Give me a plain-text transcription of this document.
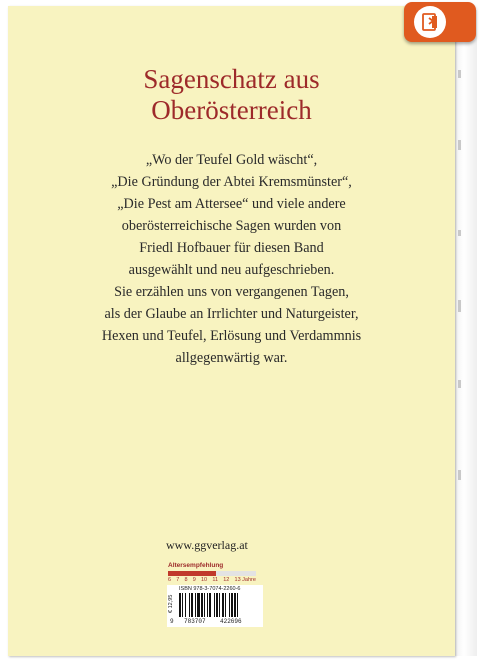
Sagenschatz aus
Oberösterreich
„Wo der Teufel Gold wäscht“,
„Die Gründung der Abtei Kremsmünster“,
„Die Pest am Attersee“ und viele andere
oberösterreichische Sagen wurden von
Friedl Hofbauer für diesen Band
ausgewählt und neu aufgeschrieben.
Sie erzählen uns von vergangenen Tagen,
als der Glaube an Irrlichter und Naturgeister,
Hexen und Teufel, Erlösung und Verdammnis
allgegenwärtig war.
www.ggverlag.at
Altersempfehlung
6 7 8 9 10 11 12 13 Jahre
€ 12,95
ISBN 978-3-7074-2260-6
9 783707 422696
